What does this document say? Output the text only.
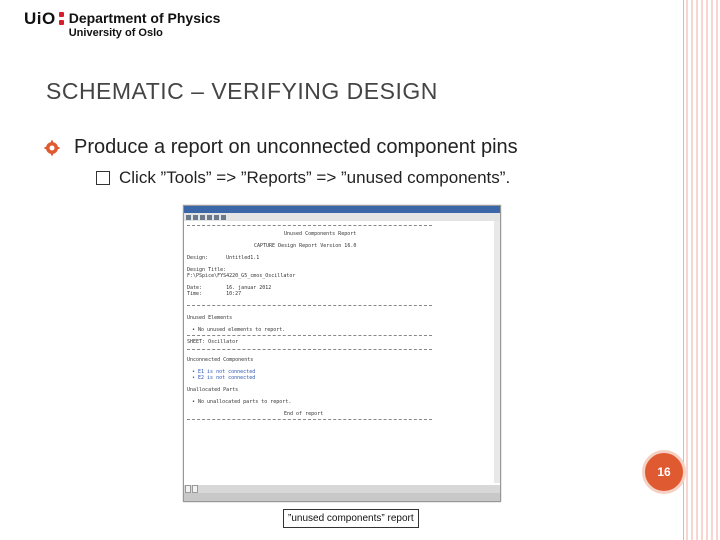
UiO Department of Physics
University of Oslo
SCHEMATIC – VERIFYING DESIGN
Produce a report on unconnected component pins
Click ”Tools” => ”Reports” => ”unused components”.
Unused Components Report
CAPTURE Design Report Version 16.0
Design:      Untitled1.1
Design Title:
F:\PSpice\FYS4220_G5_cmos_Oscillator
Date:        16. januar 2012
Time:        10:27
Unused Elements
• No unused elements to report.
SHEET: Oscillator
Unconnected Components
• E1 is not connected
• E2 is not connected
Unallocated Parts
• No unallocated parts to report.
End of report
”unused components” report
16
